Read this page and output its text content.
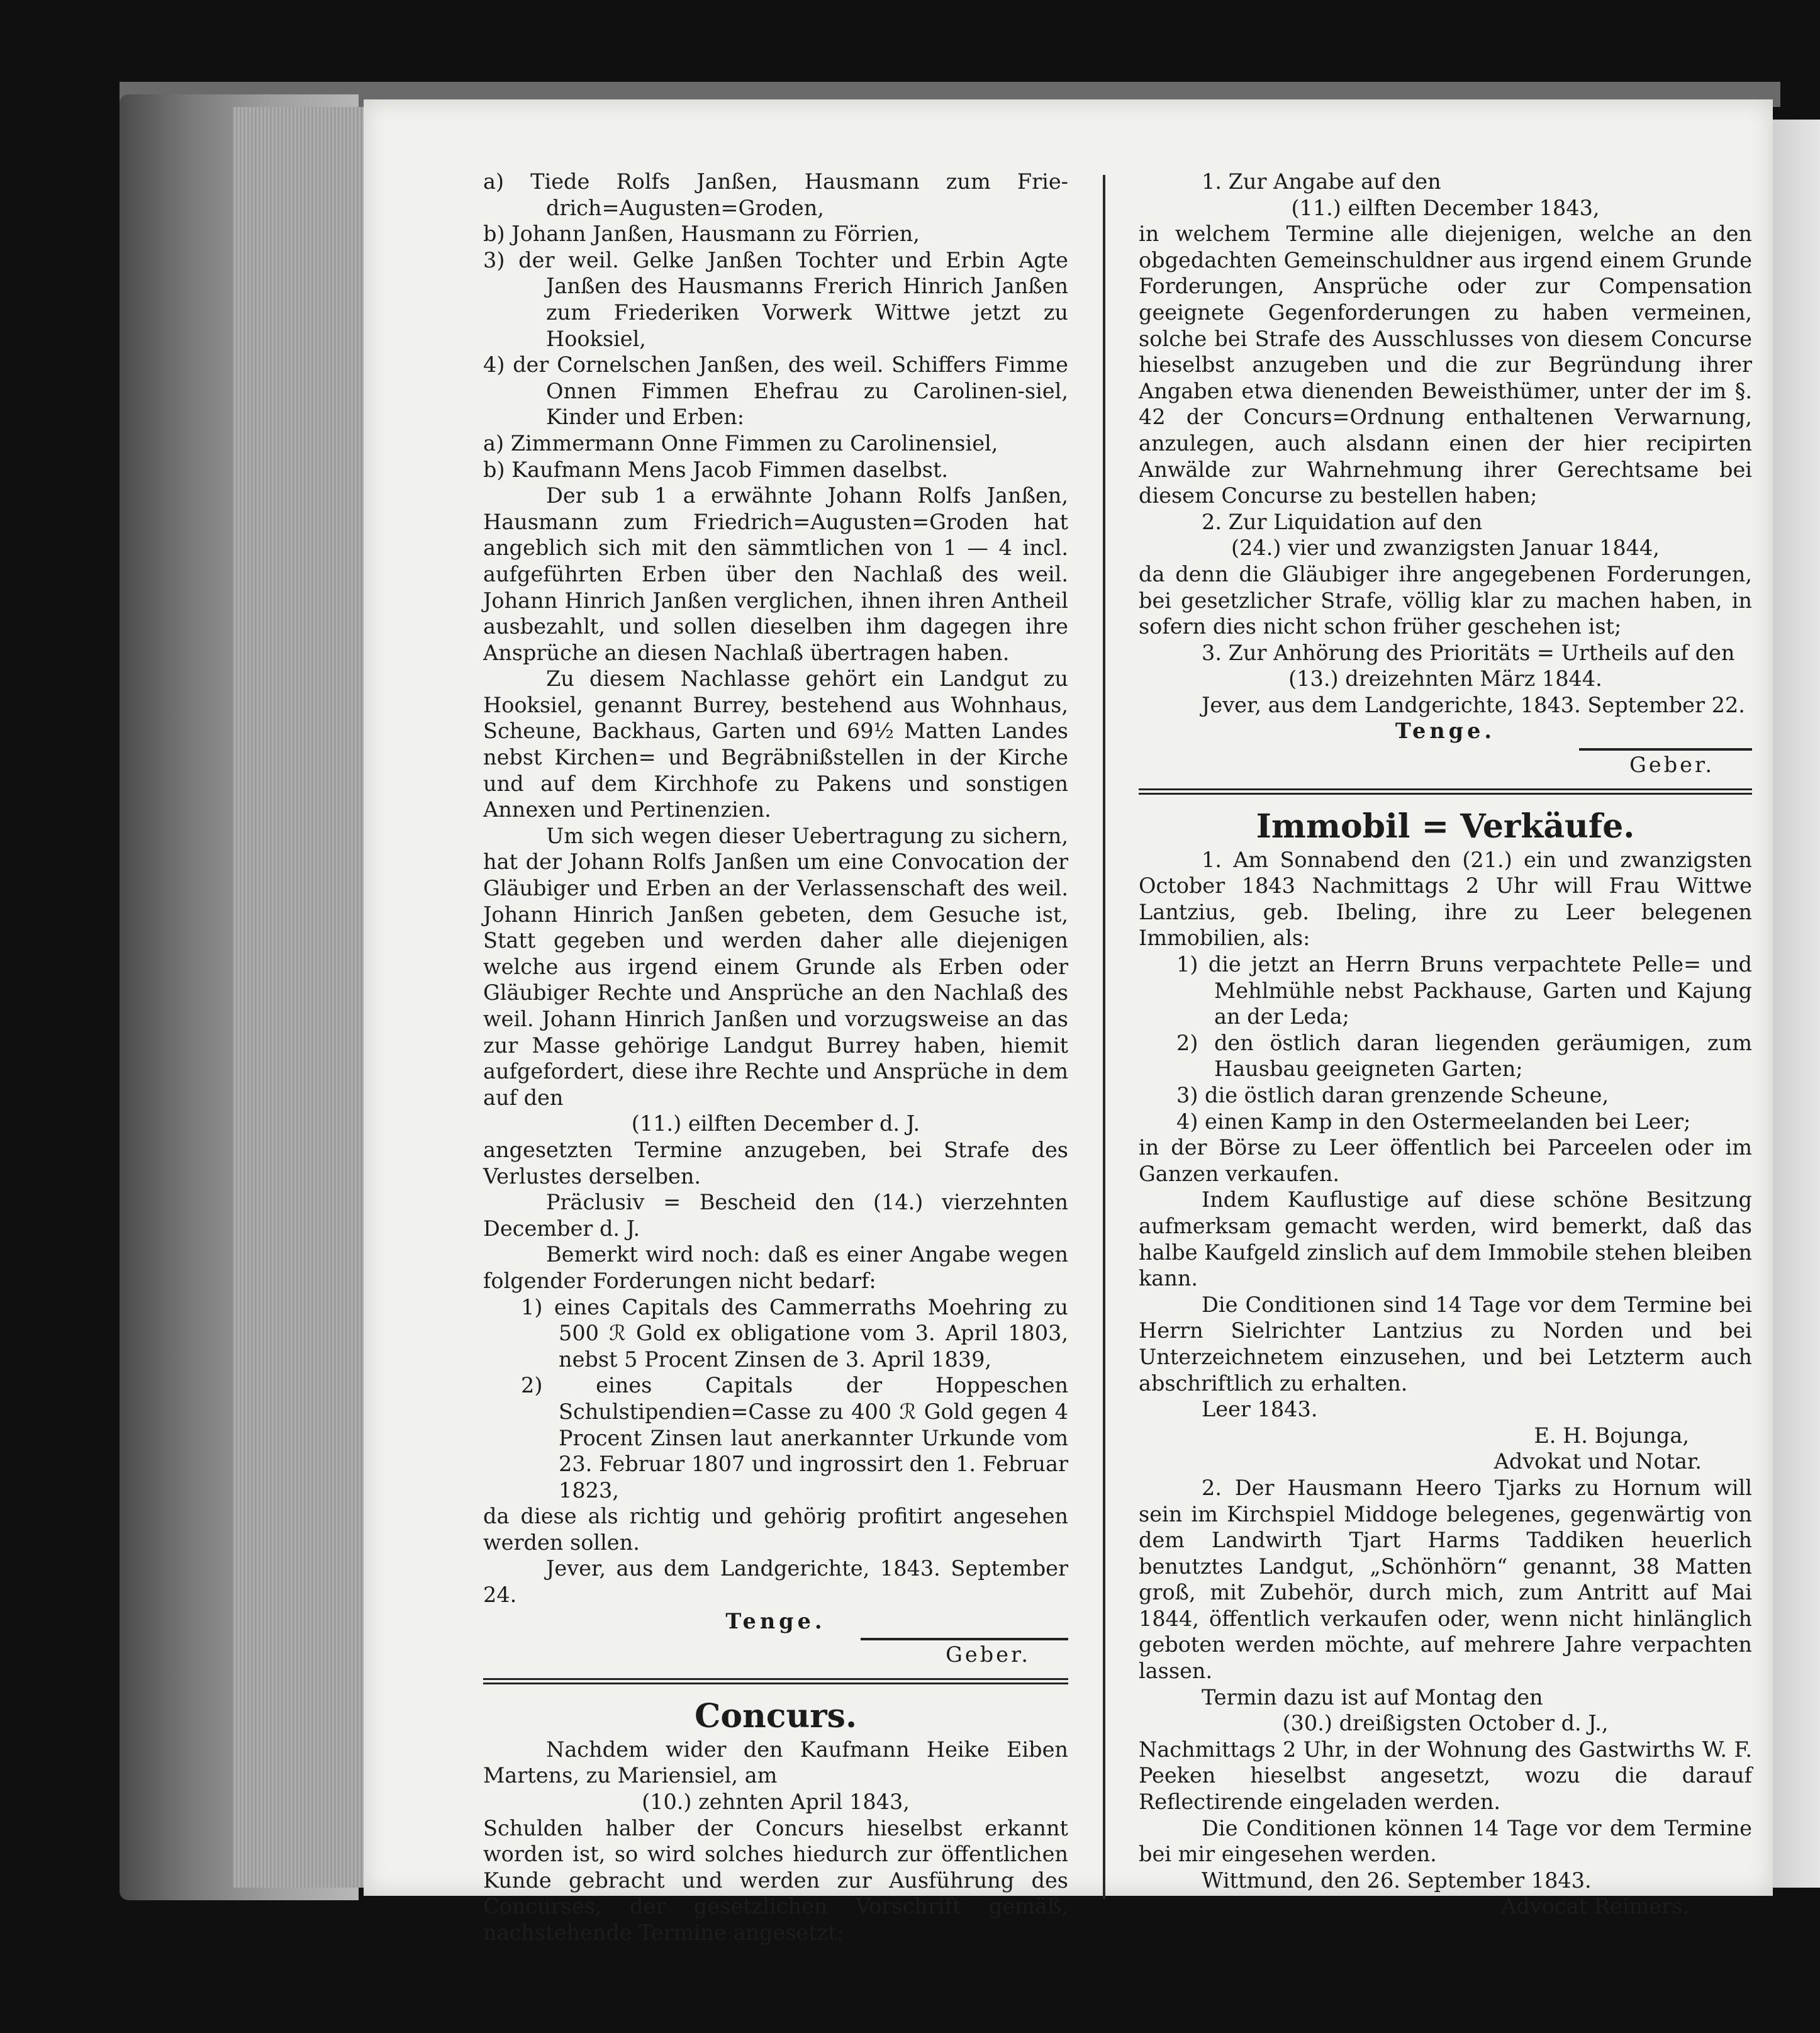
a) Tiede Rolfs Janßen, Hausmann zum Frie-drich=Augusten=Groden,

b) Johann Janßen, Hausmann zu Förrien,

3) der weil. Gelke Janßen Tochter und Erbin Agte Janßen des Hausmanns Frerich Hinrich Janßen zum Friederiken Vorwerk Wittwe jetzt zu Hooksiel,

4) der Cornelschen Janßen, des weil. Schiffers Fimme Onnen Fimmen Ehefrau zu Carolinen-siel, Kinder und Erben:

a) Zimmermann Onne Fimmen zu Carolinensiel,

b) Kaufmann Mens Jacob Fimmen daselbst.

Der sub 1 a erwähnte Johann Rolfs Janßen, Hausmann zum Friedrich=Augusten=Groden hat angeblich sich mit den sämmtlichen von 1 — 4 incl. aufgeführten Erben über den Nachlaß des weil. Johann Hinrich Janßen verglichen, ihnen ihren Antheil ausbezahlt, und sollen dieselben ihm dagegen ihre Ansprüche an diesen Nachlaß übertragen haben.

Zu diesem Nachlasse gehört ein Landgut zu Hooksiel, genannt Burrey, bestehend aus Wohnhaus, Scheune, Backhaus, Garten und 69½ Matten Landes nebst Kirchen= und Begräbnißstellen in der Kirche und auf dem Kirchhofe zu Pakens und sonstigen Annexen und Pertinenzien.

Um sich wegen dieser Uebertragung zu sichern, hat der Johann Rolfs Janßen um eine Convocation der Gläubiger und Erben an der Verlassenschaft des weil. Johann Hinrich Janßen gebeten, dem Gesuche ist, Statt gegeben und werden daher alle diejenigen welche aus irgend einem Grunde als Erben oder Gläubiger Rechte und Ansprüche an den Nachlaß des weil. Johann Hinrich Janßen und vorzugsweise an das zur Masse gehörige Landgut Burrey haben, hiemit aufgefordert, diese ihre Rechte und Ansprüche in dem auf den

(11.) eilften December d. J.

angesetzten Termine anzugeben, bei Strafe des Verlustes derselben.

Präclusiv = Bescheid den (14.) vierzehnten December d. J.

Bemerkt wird noch: daß es einer Angabe wegen folgender Forderungen nicht bedarf:

1) eines Capitals des Cammerraths Moehring zu 500 ℛ Gold ex obligatione vom 3. April 1803, nebst 5 Procent Zinsen de 3. April 1839,

2) eines Capitals der Hoppeschen Schulstipendien=Casse zu 400 ℛ Gold gegen 4 Procent Zinsen laut anerkannter Urkunde vom 23. Februar 1807 und ingrossirt den 1. Februar 1823,

da diese als richtig und gehörig profitirt angesehen werden sollen.

Jever, aus dem Landgerichte, 1843. September 24.

Tenge.

Geber.

Concurs.

Nachdem wider den Kaufmann Heike Eiben Martens, zu Mariensiel, am

(10.) zehnten April 1843,

Schulden halber der Concurs hieselbst erkannt worden ist, so wird solches hiedurch zur öffentlichen Kunde gebracht und werden zur Ausführung des Concurses, der gesetzlichen Vorschrift gemäß, nachstehende Termine angesetzt:

1. Zur Angabe auf den

(11.) eilften December 1843,

in welchem Termine alle diejenigen, welche an den obgedachten Gemeinschuldner aus irgend einem Grunde Forderungen, Ansprüche oder zur Compensation geeignete Gegenforderungen zu haben vermeinen, solche bei Strafe des Ausschlusses von diesem Concurse hieselbst anzugeben und die zur Begründung ihrer Angaben etwa dienenden Beweisthümer, unter der im §. 42 der Concurs=Ordnung enthaltenen Verwarnung, anzulegen, auch alsdann einen der hier recipirten Anwälde zur Wahrnehmung ihrer Gerechtsame bei diesem Concurse zu bestellen haben;

2. Zur Liquidation auf den

(24.) vier und zwanzigsten Januar 1844,

da denn die Gläubiger ihre angegebenen Forderungen, bei gesetzlicher Strafe, völlig klar zu machen haben, in sofern dies nicht schon früher geschehen ist;

3. Zur Anhörung des Prioritäts = Urtheils auf den

(13.) dreizehnten März 1844.

Jever, aus dem Landgerichte, 1843. September 22.

Tenge.

Geber.

Immobil = Verkäufe.

1. Am Sonnabend den (21.) ein und zwanzigsten October 1843 Nachmittags 2 Uhr will Frau Wittwe Lantzius, geb. Ibeling, ihre zu Leer belegenen Immobilien, als:

1) die jetzt an Herrn Bruns verpachtete Pelle= und Mehlmühle nebst Packhause, Garten und Kajung an der Leda;

2) den östlich daran liegenden geräumigen, zum Hausbau geeigneten Garten;

3) die östlich daran grenzende Scheune,

4) einen Kamp in den Ostermeelanden bei Leer;

in der Börse zu Leer öffentlich bei Parceelen oder im Ganzen verkaufen.

Indem Kauflustige auf diese schöne Besitzung aufmerksam gemacht werden, wird bemerkt, daß das halbe Kaufgeld zinslich auf dem Immobile stehen bleiben kann.

Die Conditionen sind 14 Tage vor dem Termine bei Herrn Sielrichter Lantzius zu Norden und bei Unterzeichnetem einzusehen, und bei Letzterm auch abschriftlich zu erhalten.

Leer 1843.

E. H. Bojunga,

Advokat und Notar.

2. Der Hausmann Heero Tjarks zu Hornum will sein im Kirchspiel Middoge belegenes, gegenwärtig von dem Landwirth Tjart Harms Taddiken heuerlich benutztes Landgut, „Schönhörn“ genannt, 38 Matten groß, mit Zubehör, durch mich, zum Antritt auf Mai 1844, öffentlich verkaufen oder, wenn nicht hinlänglich geboten werden möchte, auf mehrere Jahre verpachten lassen.

Termin dazu ist auf Montag den

(30.) dreißigsten October d. J.,

Nachmittags 2 Uhr, in der Wohnung des Gastwirths W. F. Peeken hieselbst angesetzt, wozu die darauf Reflectirende eingeladen werden.

Die Conditionen können 14 Tage vor dem Termine bei mir eingesehen werden.

Wittmund, den 26. September 1843.

Advocat Reimers.
